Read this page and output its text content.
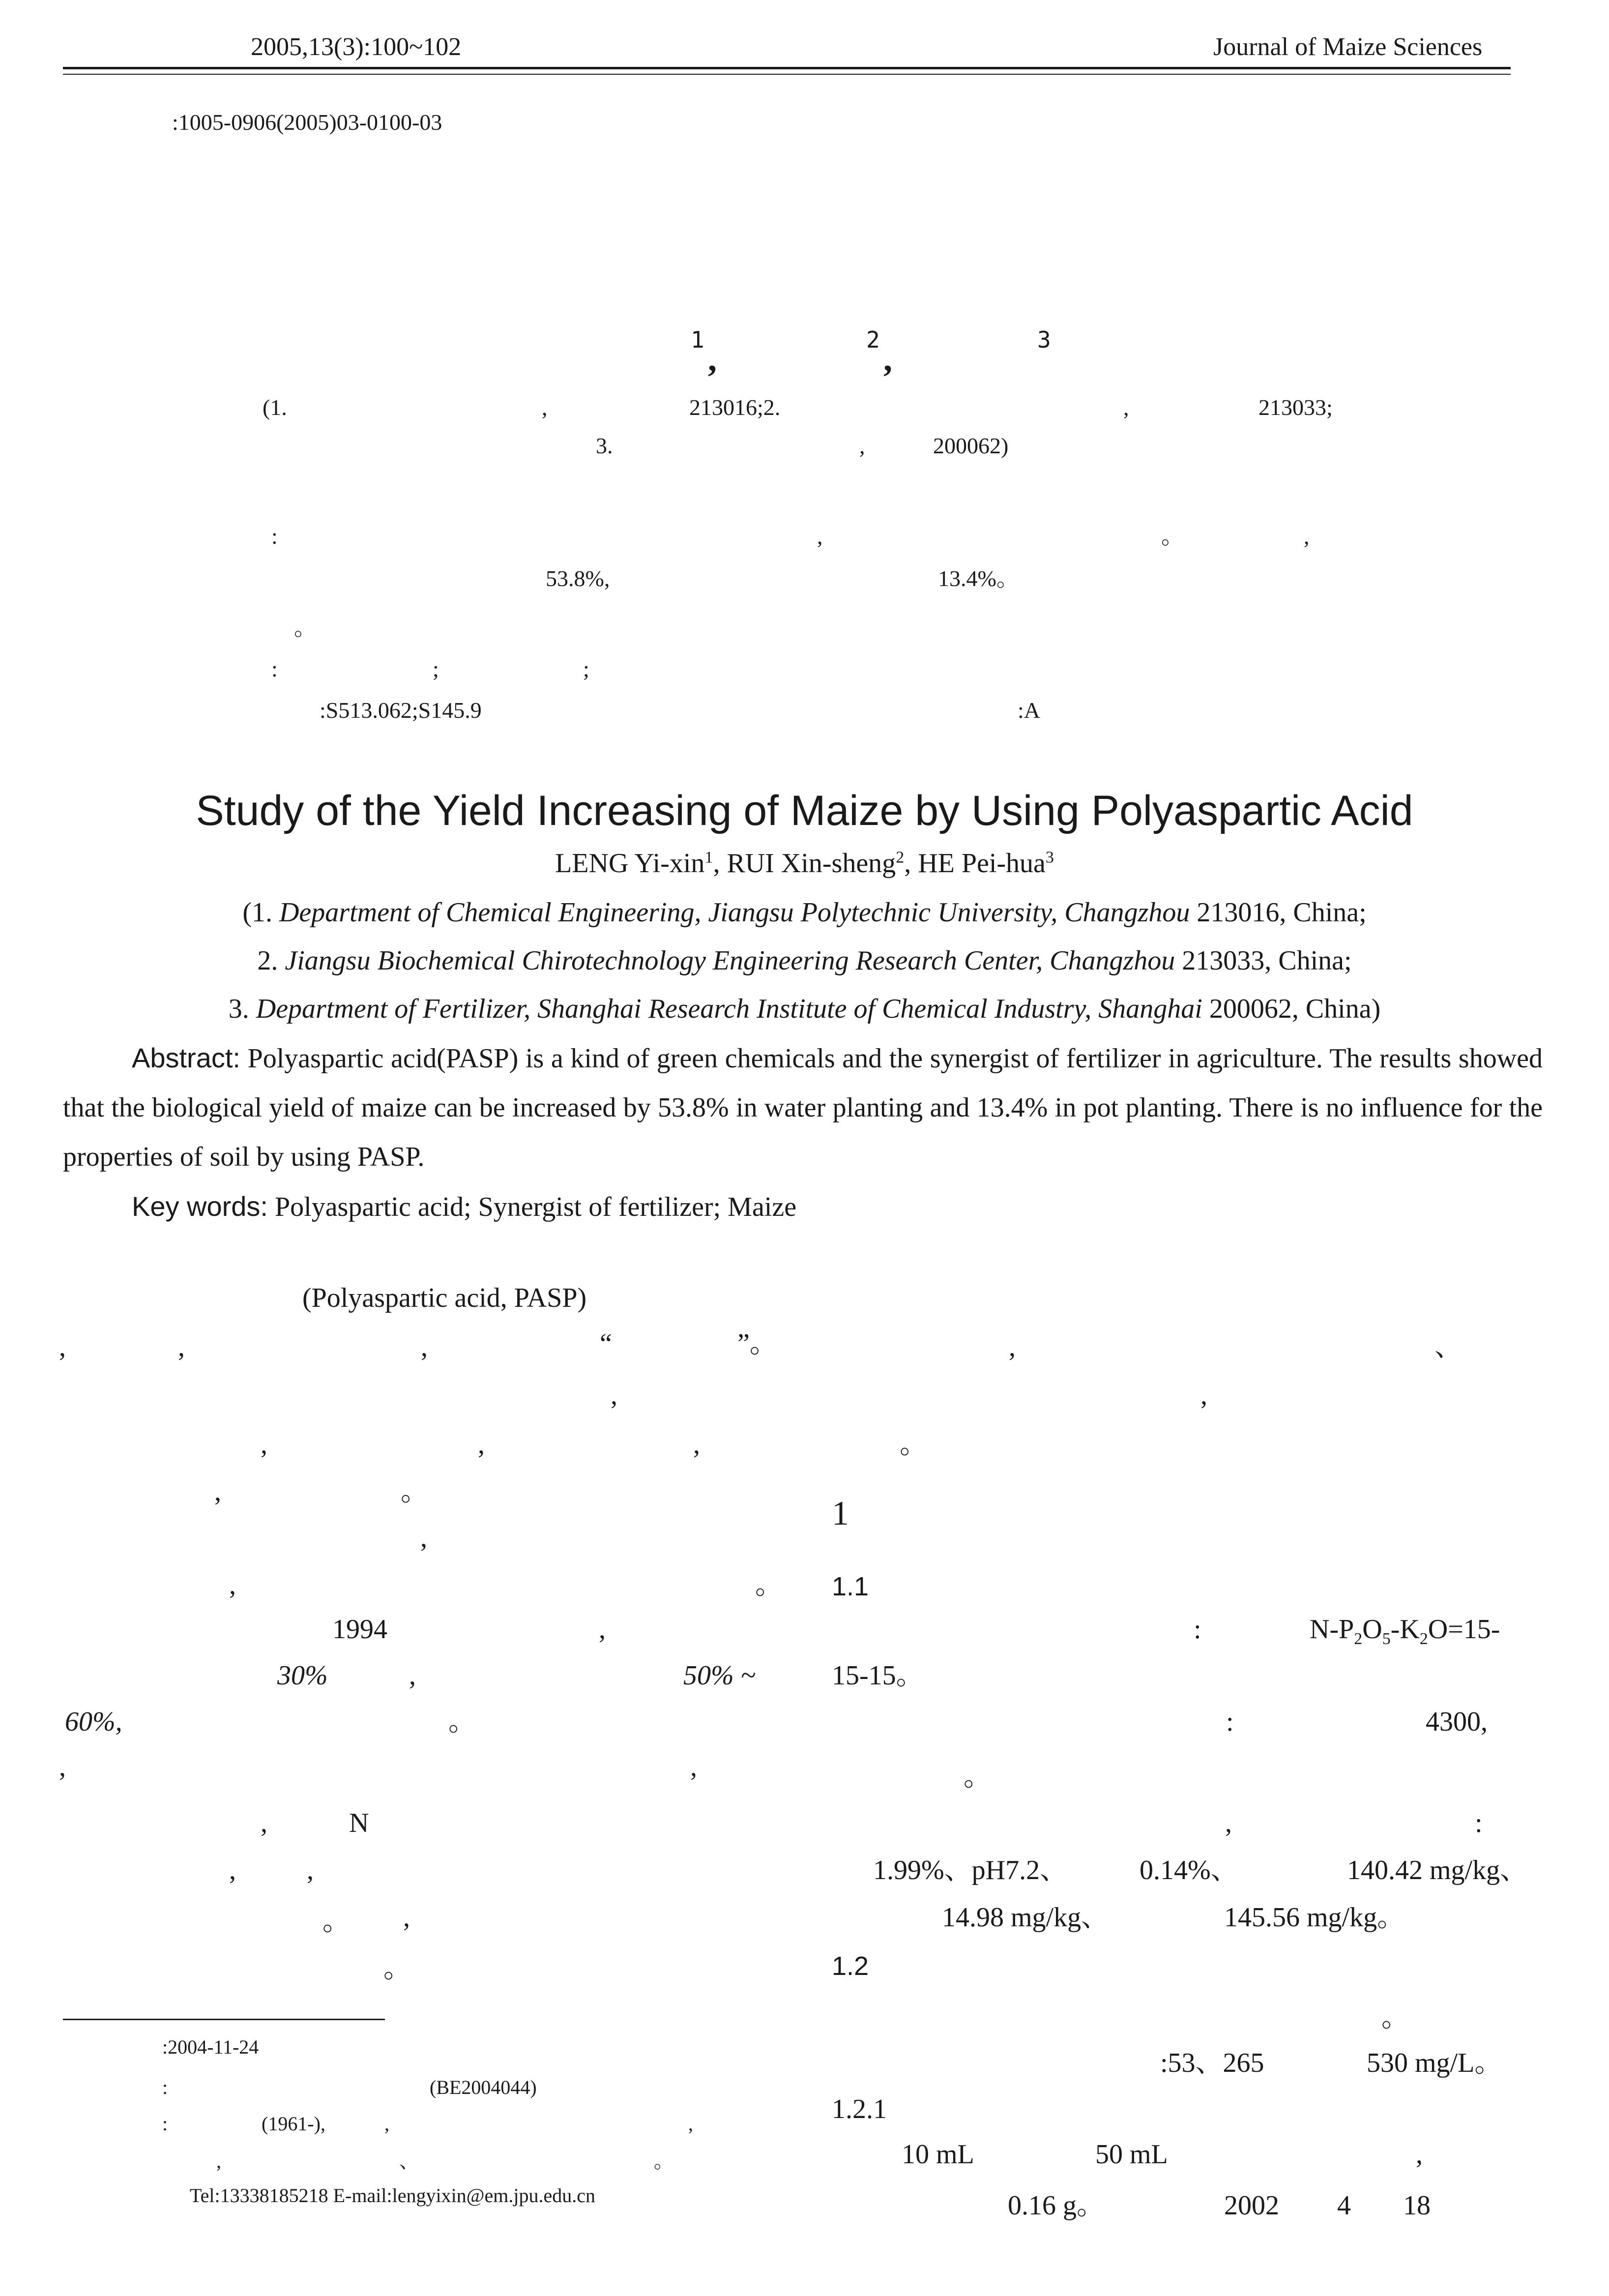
2005,13(3):100~102	Journal of Maize Sciences
:1005-0906(2005)03-0100-03
1 ,	2 ,	3
(1.	,	213016;2.	,	213033;
3.	,	200062)
:	,	。	,
53.8%,	13.4%。
。
:	;	;
:S513.062;S145.9	:A
Study of the Yield Increasing of Maize by Using Polyaspartic Acid
LENG Yi-xin$^1$, RUI Xin-sheng$^2$, HE Pei-hua$^3$
(1. Department of Chemical Engineering, Jiangsu Polytechnic University, Changzhou 213016, China;
2. Jiangsu Biochemical Chirotechnology Engineering Research Center, Changzhou 213033, China;
3. Department of Fertilizer, Shanghai Research Institute of Chemical Industry, Shanghai 200062, China)
Abstract: Polyaspartic acid(PASP) is a kind of green chemicals and the synergist of fertilizer in agriculture. The results showed that the biological yield of maize can be increased by 53.8% in water planting and 13.4% in pot planting. There is no influence for the properties of soil by using PASP.
Key words: Polyaspartic acid; Synergist of fertilizer; Maize
(Polyaspartic acid, PASP)
,	,	,	“	”。	,	、
,	,
,	,	,	。
,	。
,
,	。
1994	,
30%	,	50% ~
60%,	。
,	,
,	N
,	,
。 ,
。
1
1.1
:	$N-P_2O_5-K_2O=15-$
15-15。
:	4300,
。
,	:
1.99%、pH7.2、	0.14%、	140.42 mg/kg、
14.98 mg/kg、	145.56 mg/kg。
1.2
。
:53、265	530 mg/L。
1.2.1
10 mL	50 mL	,
0.16 g。	2002 4 18
:2004-11-24
:	(BE2004044)
:	(1961-),	,	,
,	、	。
Tel:13338185218 E-mail:lengyixin@em.jpu.edu.cn
